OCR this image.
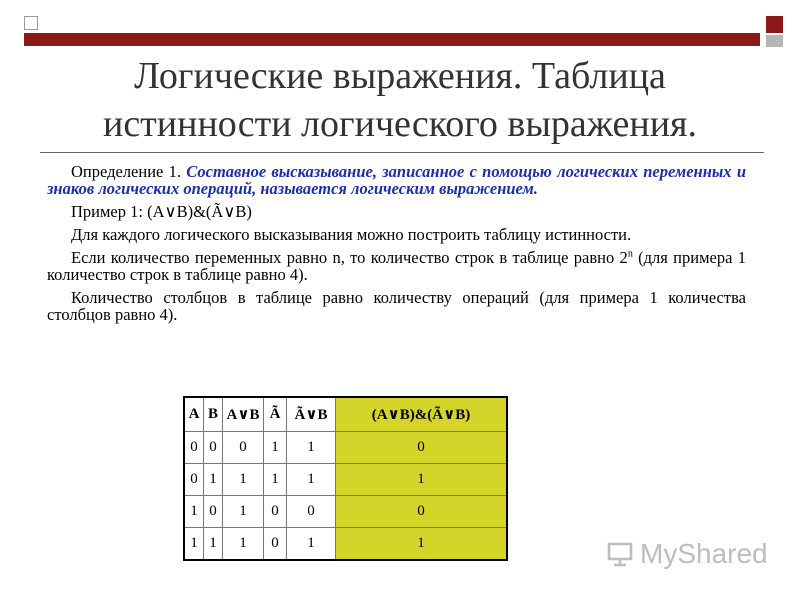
Логические выражения. Таблица
истинности логического выражения.

Определение 1. Составное высказывание, записанное с помощью логических переменных и знаков логических операций, называется логическим выражением.

Пример 1: (A∨B)&(Ã∨B)

Для каждого логического высказывания можно построить таблицу истинности.

Если количество переменных равно n, то количество строк в таблице равно 2$^n$ (для примера 1 количество строк в таблице равно 4).

Количество столбцов в таблице равно количеству операций (для примера 1 количества столбцов равно 4).

A	B	A∨B	Ã	Ã∨B	(A∨B)&(Ã∨B)
0	0	0	1	1	0
0	1	1	1	1	1
1	0	1	0	0	0
1	1	1	0	1	1	MyShared
